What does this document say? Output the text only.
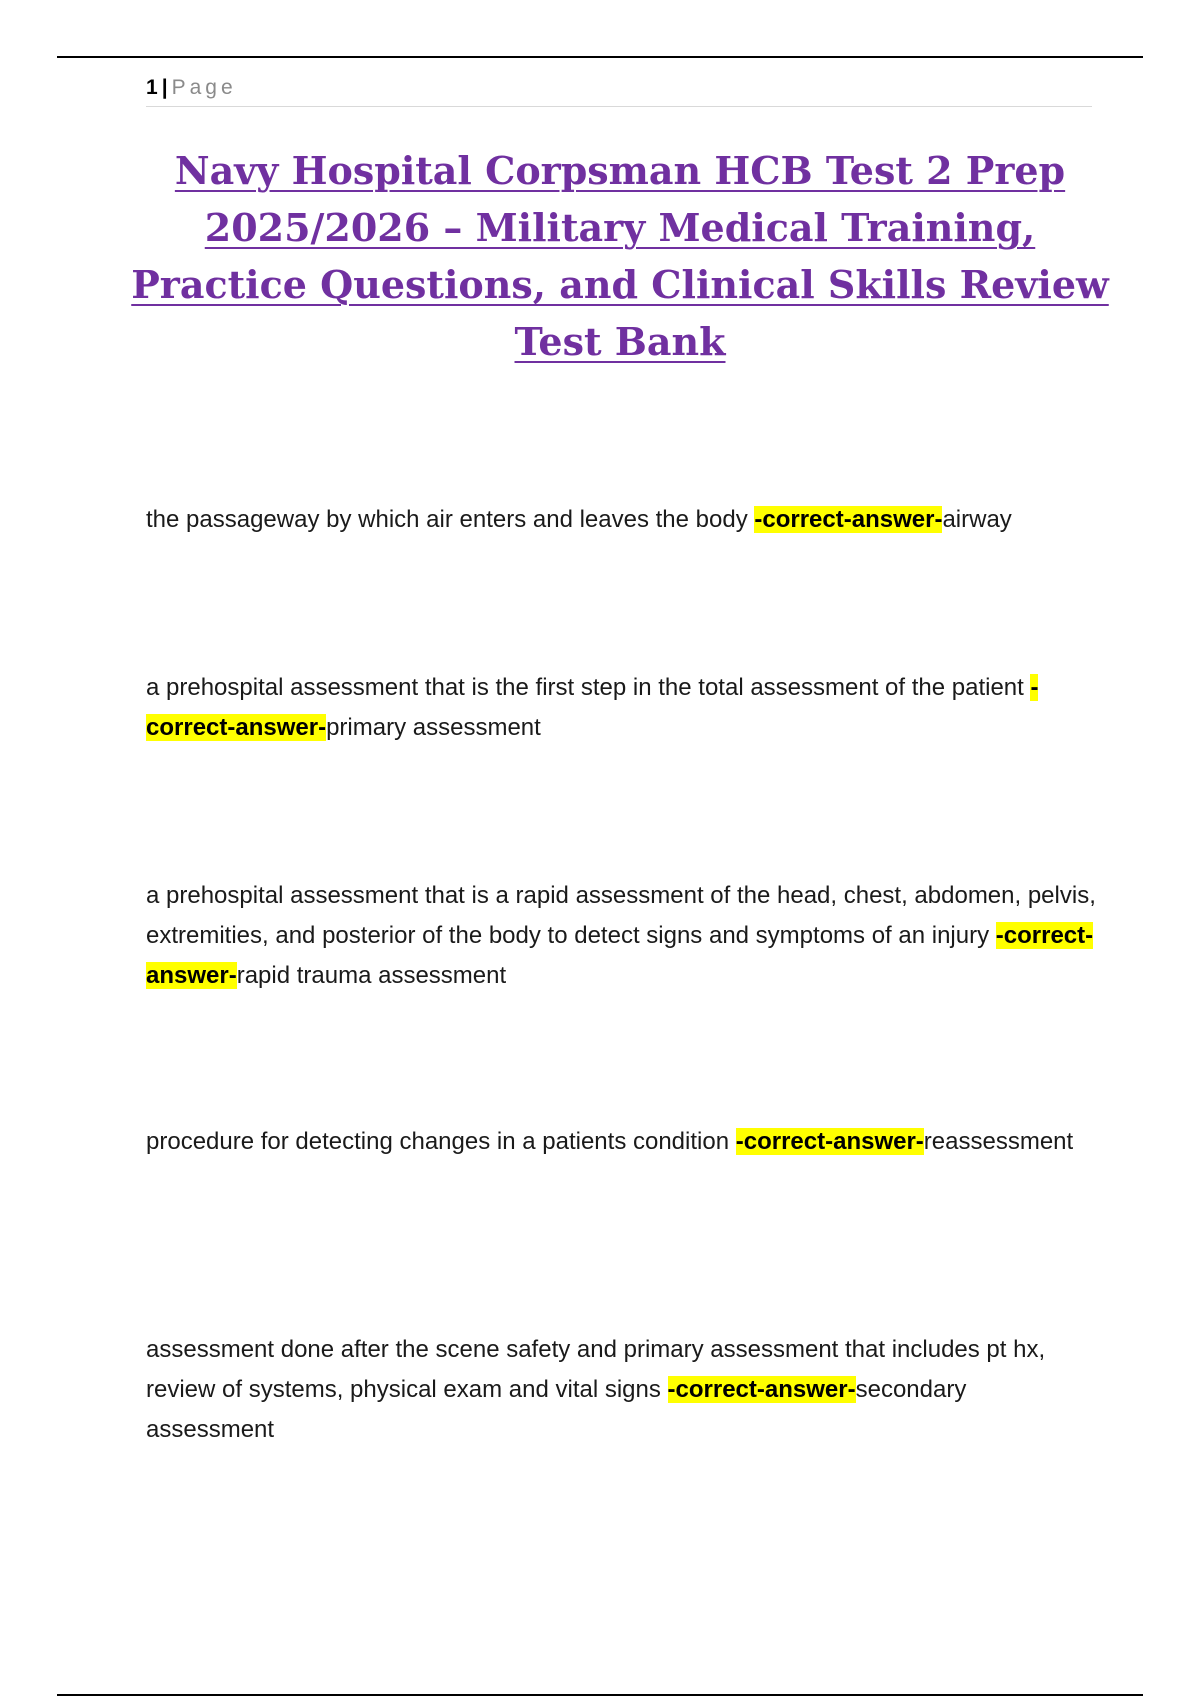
1 | Page
Navy Hospital Corpsman HCB Test 2 Prep 2025/2026 – Military Medical Training, Practice Questions, and Clinical Skills Review Test Bank

the passageway by which air enters and leaves the body -correct-answer-airway

a prehospital assessment that is the first step in the total assessment of the patient -correct-answer-primary assessment

a prehospital assessment that is a rapid assessment of the head, chest, abdomen, pelvis, extremities, and posterior of the body to detect signs and symptoms of an injury -correct-answer-rapid trauma assessment

procedure for detecting changes in a patients condition -correct-answer-reassessment

assessment done after the scene safety and primary assessment that includes pt hx, review of systems, physical exam and vital signs -correct-answer-secondary assessment
